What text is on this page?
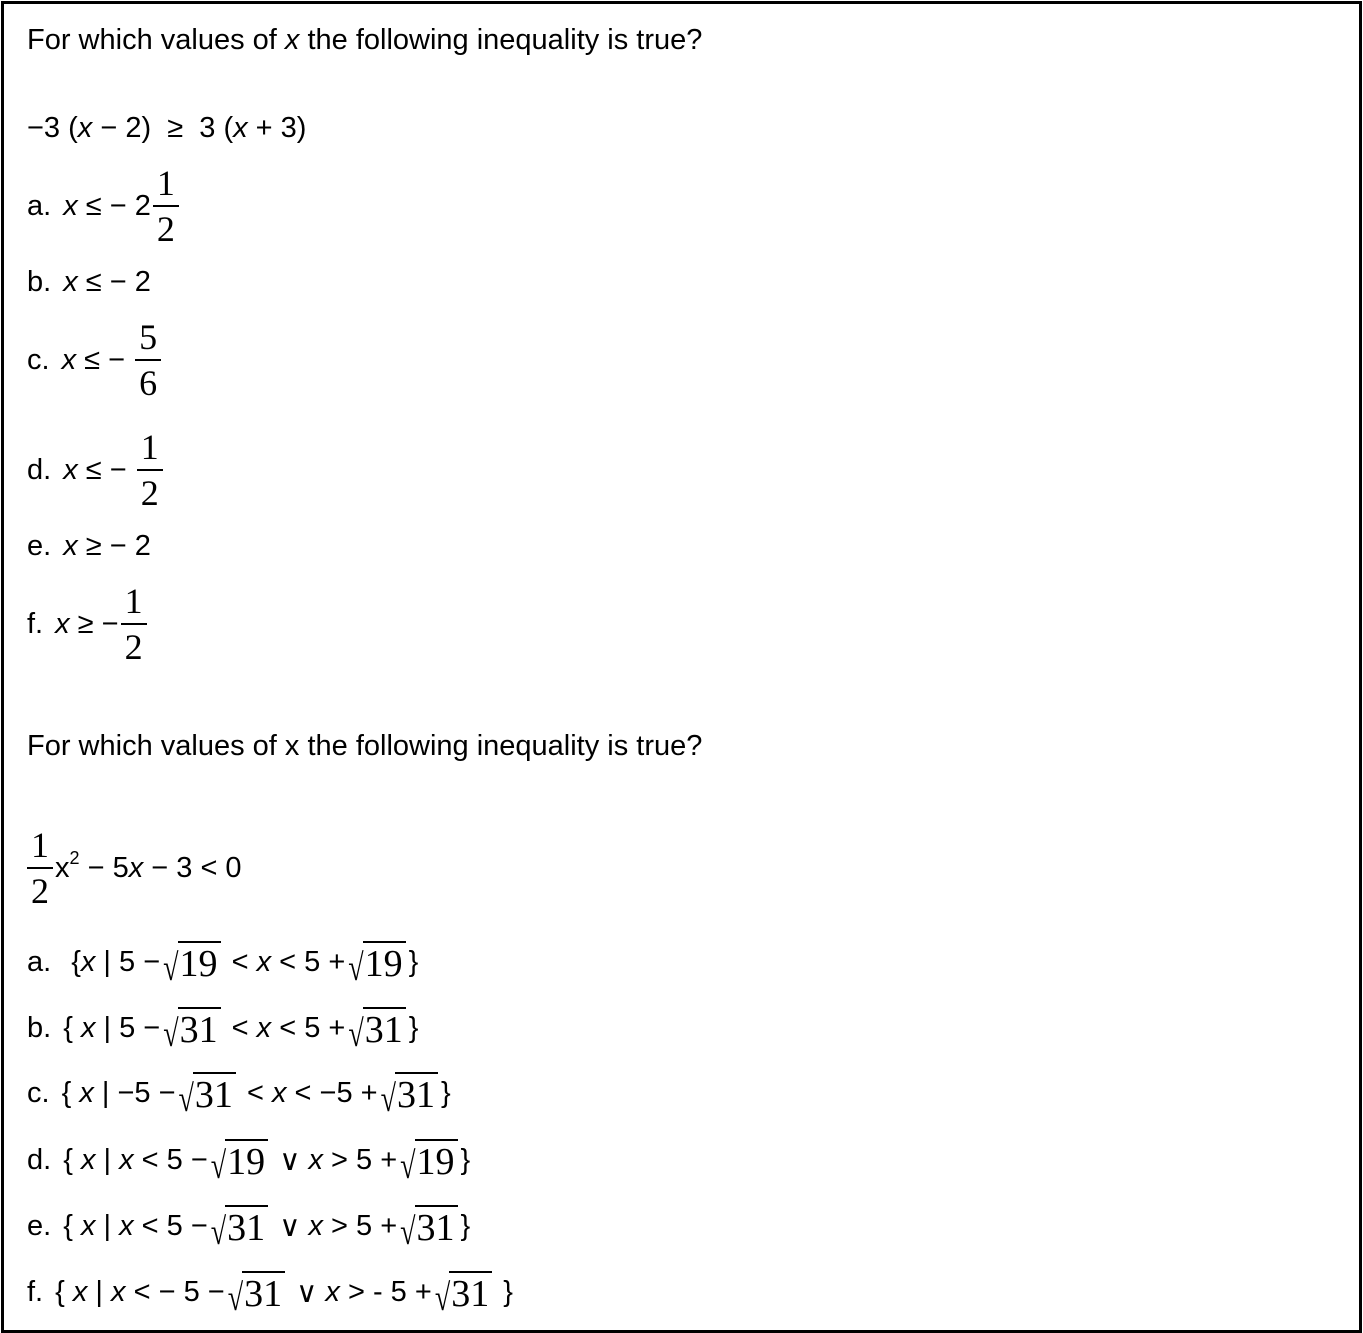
For which values of
x
the following inequality is true?
−3 ( x − 2)  ≥  3 ( x + 3)
a. x ≤ − $2 \frac{1}{2}$
b. x ≤ − 2
c. x ≤ − $\frac{5}{6}$
d. x ≤ − $\frac{1}{2}$
e. x ≥ − 2
f. x ≥ − $\frac{1}{2}$
For which values of x the following inequality is true?
$\frac{1}{2} x^2 - 5$ x − 3 < 0
a. { x | 5 − √ 19 < x < 5 + √ 19 }
b. { x | 5 − √ 31 < x < 5 + √ 31 }
c. { x | −5 − √ 31 < x < −5 + √ 31 }
d. { x | x < 5 − √ 19 ∨ x > 5 + √ 19 }
e. { x | x < 5 − √ 31 ∨ x > 5 + √ 31 }
f. { x | x < − 5 − √ 31 ∨ x > - 5 + √ 31 }
